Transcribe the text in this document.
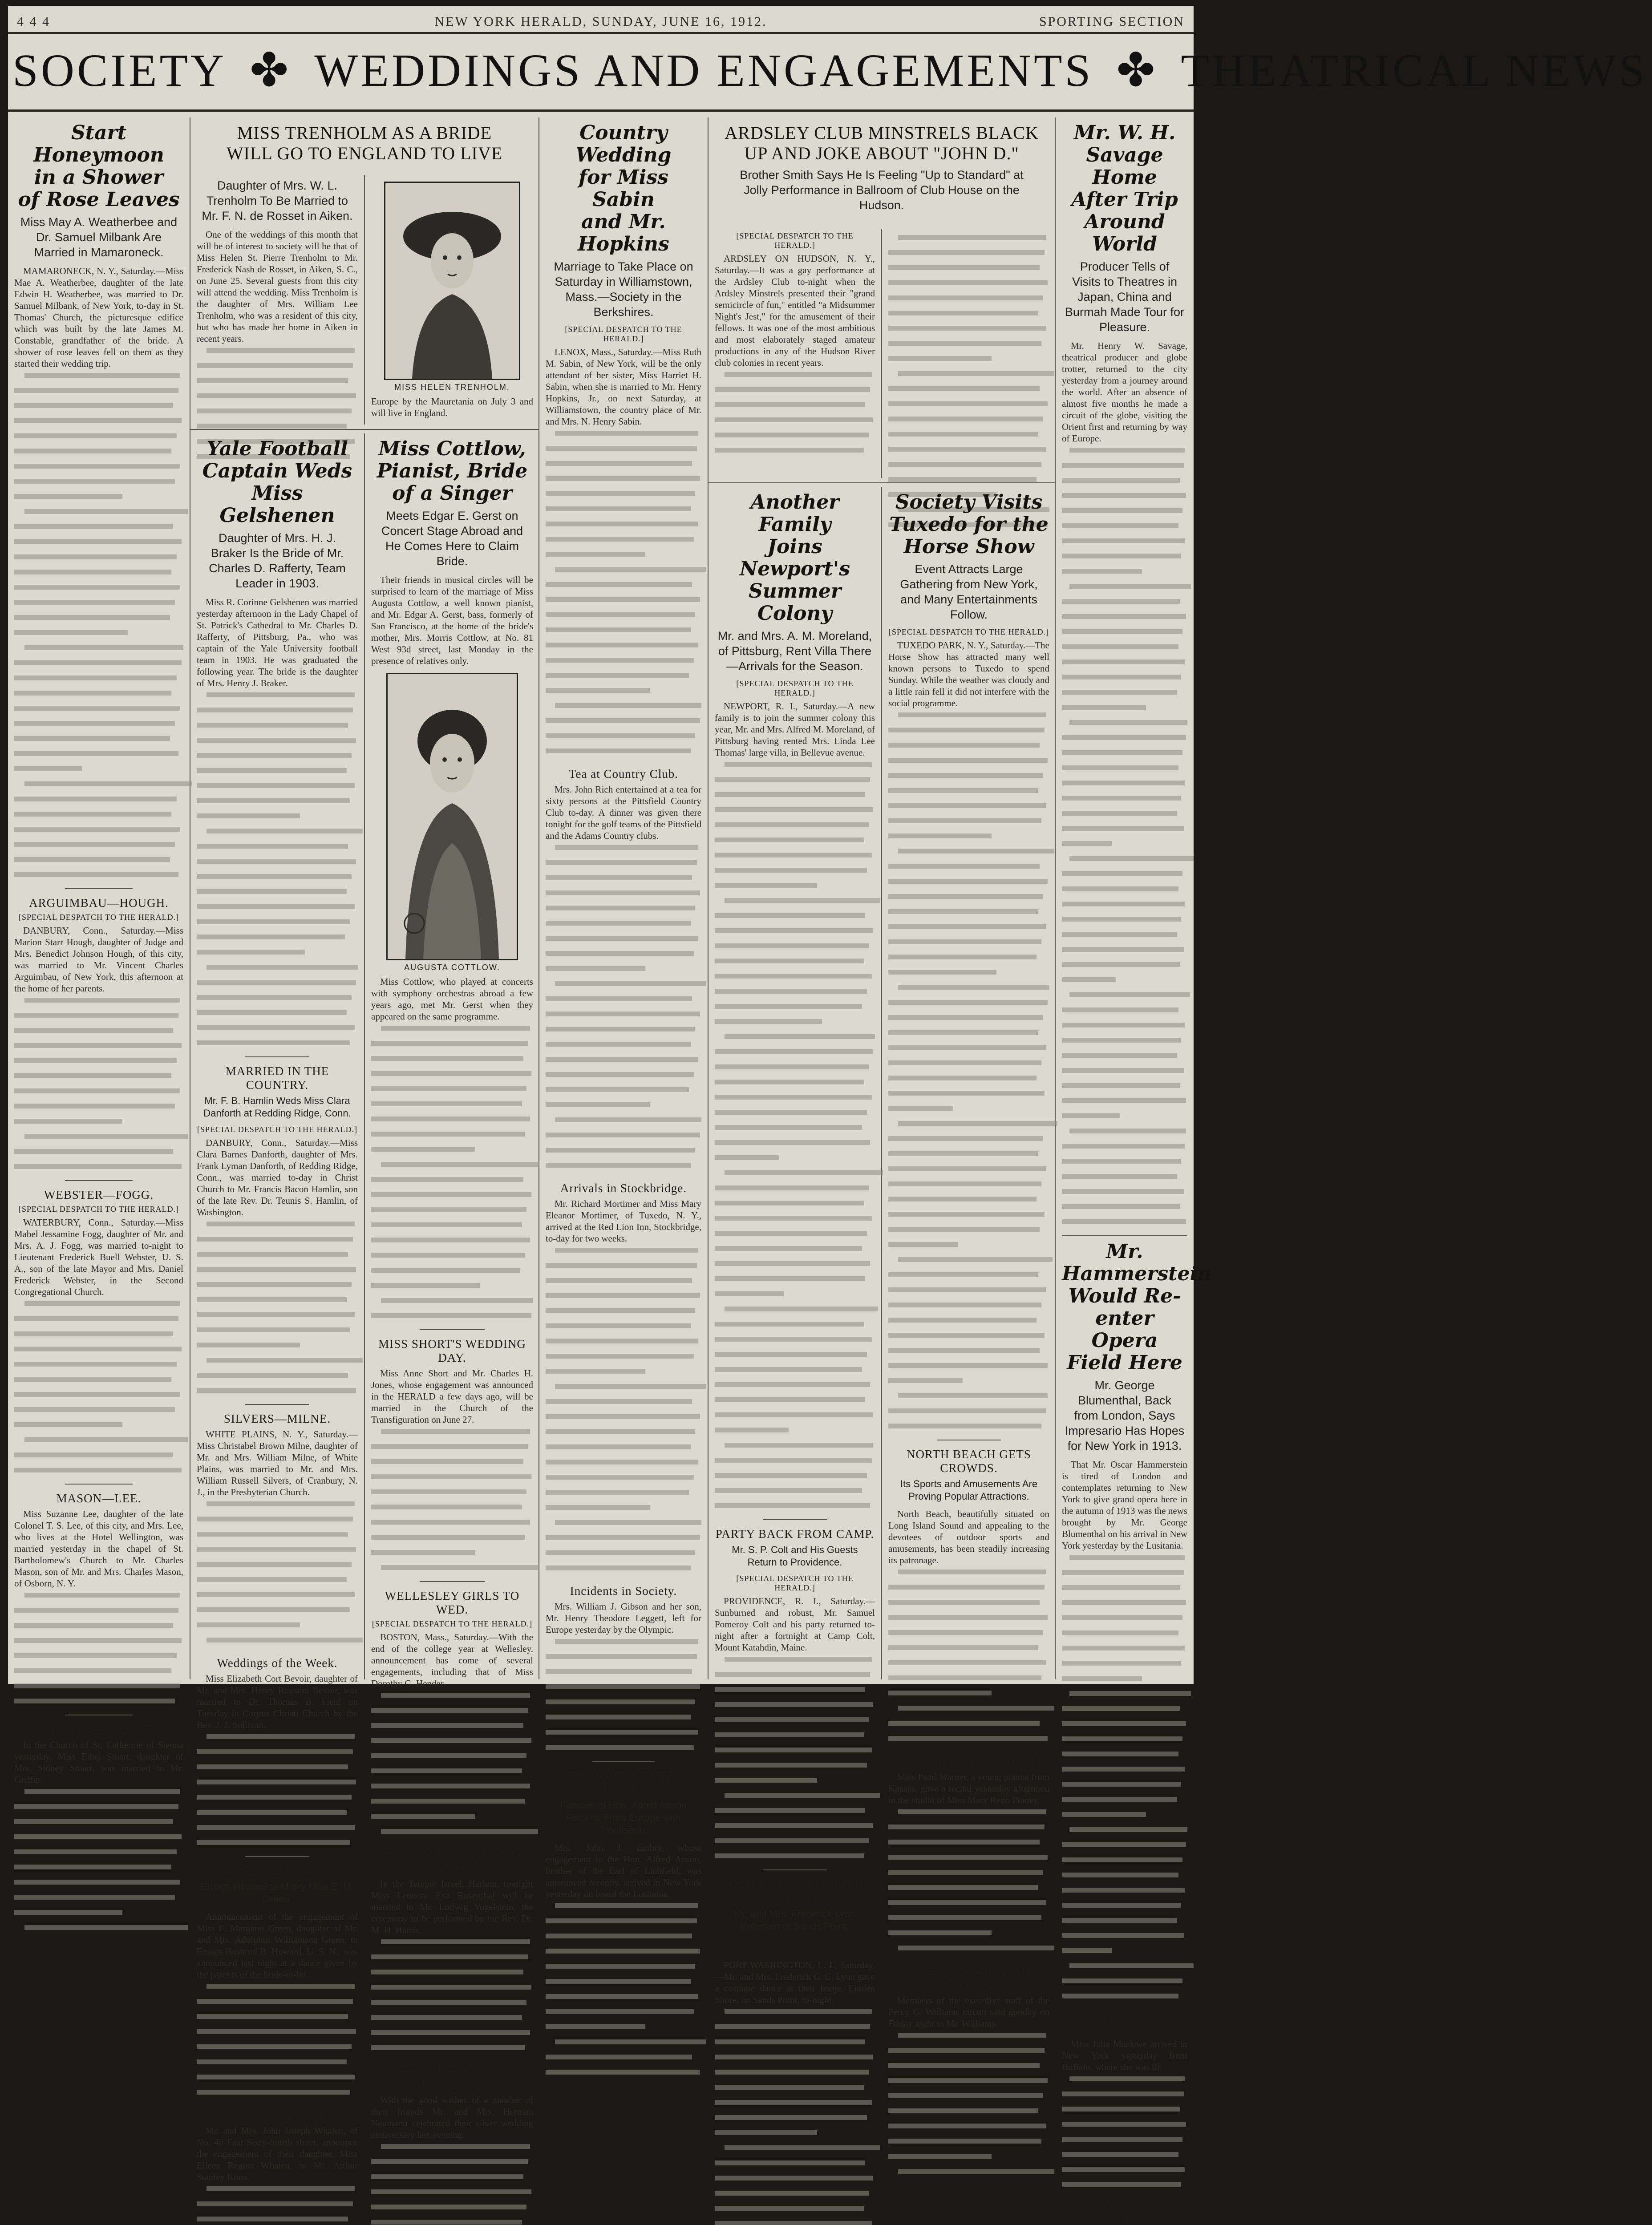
4 4 4	NEW YORK HERALD, SUNDAY, JUNE 16, 1912.	SPORTING SECTION
SOCIETY ✤ WEDDINGS AND ENGAGEMENTS ✤ THEATRICAL NEWS
Start Honeymoon
in a Shower
of Rose Leaves
Miss May A. Weatherbee and Dr. Samuel Milbank Are Married in Mamaroneck.
MAMARONECK, N. Y., Saturday.—Miss Mae A. Weatherbee, daughter of the late Edwin H. Weatherbee, was married to Dr. Samuel Milbank, of New York, to-day in St. Thomas' Church, the picturesque edifice which was built by the late James M. Constable, grandfather of the bride. A shower of rose leaves fell on them as they started their wedding trip.
ARGUIMBAU—HOUGH.
[SPECIAL DESPATCH TO THE HERALD.]
DANBURY, Conn., Saturday.—Miss Marion Starr Hough, daughter of Judge and Mrs. Benedict Johnson Hough, of this city, was married to Mr. Vincent Charles Arguimbau, of New York, this afternoon at the home of her parents.
WEBSTER—FOGG.
[SPECIAL DESPATCH TO THE HERALD.]
WATERBURY, Conn., Saturday.—Miss Mabel Jessamine Fogg, daughter of Mr. and Mrs. A. J. Fogg, was married to-night to Lieutenant Frederick Buell Webster, U. S. A., son of the late Mayor and Mrs. Daniel Frederick Webster, in the Second Congregational Church.
MASON—LEE.
Miss Suzanne Lee, daughter of the late Colonel T. S. Lee, of this city, and Mrs. Lee, who lives at the Hotel Wellington, was married yesterday in the chapel of St. Bartholomew's Church to Mr. Charles Mason, son of Mr. and Mrs. Charles Mason, of Osborn, N. Y.
GRIFFIN—STUART.
In the Church of St. Catherine of Sienna yesterday, Miss Ethel Stuart, daughter of Mrs. Sidney Stuart, was married to Mr. Griffin.
MISS TRENHOLM AS A BRIDE
WILL GO TO ENGLAND TO LIVE
Daughter of Mrs. W. L. Trenholm To Be Married to Mr. F. N. de Rosset in Aiken.
One of the weddings of this month that will be of interest to society will be that of Miss Helen St. Pierre Trenholm to Mr. Frederick Nash de Rosset, in Aiken, S. C., on June 25. Several guests from this city will attend the wedding. Miss Trenholm is the daughter of Mrs. William Lee Trenholm, who was a resident of this city, but who has made her home in Aiken in recent years.
MISS HELEN TRENHOLM.
Europe by the Mauretania on July 3 and will live in England.
Yale Football
Captain Weds
Miss Gelshenen
Daughter of Mrs. H. J. Braker Is the Bride of Mr. Charles D. Rafferty, Team Leader in 1903.
Miss R. Corinne Gelshenen was married yesterday afternoon in the Lady Chapel of St. Patrick's Cathedral to Mr. Charles D. Rafferty, of Pittsburg, Pa., who was captain of the Yale University football team in 1903. He was graduated the following year. The bride is the daughter of Mrs. Henry J. Braker.
MARRIED IN THE COUNTRY.
Mr. F. B. Hamlin Weds Miss Clara Danforth at Redding Ridge, Conn.
[SPECIAL DESPATCH TO THE HERALD.]
DANBURY, Conn., Saturday.—Miss Clara Barnes Danforth, daughter of Mrs. Frank Lyman Danforth, of Redding Ridge, Conn., was married to-day in Christ Church to Mr. Francis Bacon Hamlin, son of the late Rev. Dr. Teunis S. Hamlin, of Washington.
SILVERS—MILNE.
WHITE PLAINS, N. Y., Saturday.—Miss Christabel Brown Milne, daughter of Mr. and Mrs. William Milne, of White Plains, was married to Mr. and Mrs. William Russell Silvers, of Cranbury, N. J., in the Presbyterian Church.
Weddings of the Week.
Miss Elizabeth Cort Bevoir, daughter of Mr. and Mrs. Henry Royston Bevoir, was married to Dr. Thomas B. Field on Tuesday in Corpus Christi Church by the Rev. J. J. Sullivan.
ADMIRAL'S SON TO WED.
Ensign Howard to Marry Miss E. M. Green.
Announcement of the engagement of Miss E. Margaret Green, daughter of Mr. and Mrs. Adolphus Williamson Green, to Ensign Bushrod B. Howard, U. S. N., was announced last night at a dance given by the parents of the bride-to-be.
Engagements Announced.
Mr. and Mrs. John Joseph Whalen, of No. 48 East Sixty-fourth street, announce the engagement of their daughter, Miss Eileen Regina Whalen, to Mr. Arthur Stanley Knox.
Miss Cottlow,
Pianist, Bride
of a Singer
Meets Edgar E. Gerst on Concert Stage Abroad and He Comes Here to Claim Bride.
Their friends in musical circles will be surprised to learn of the marriage of Miss Augusta Cottlow, a well known pianist, and Mr. Edgar A. Gerst, bass, formerly of San Francisco, at the home of the bride's mother, Mrs. Morris Cottlow, at No. 81 West 93d street, last Monday in the presence of relatives only.
AUGUSTA COTTLOW.
Miss Cottlow, who played at concerts with symphony orchestras abroad a few years ago, met Mr. Gerst when they appeared on the same programme.
MISS SHORT'S WEDDING DAY.
Miss Anne Short and Mr. Charles H. Jones, whose engagement was announced in the HERALD a few days ago, will be married in the Church of the Transfiguration on June 27.
WELLESLEY GIRLS TO WED.
[SPECIAL DESPATCH TO THE HERALD.]
BOSTON, Mass., Saturday.—With the end of the college year at Wellesley, announcement has come of several engagements, including that of Miss Dorothy G. Hender.
To Wed Miss Rosenthal To-Night.
In the Temple Israel, Harlem, to-night Miss Leonora Eva Rosenthal will be married to Mr. Ludwig Vogelstein, the ceremony to be performed by the Rev. Dr. M. H. Harris.
Keep Silver Wedding Anniversary.
With the good wishes of a number of their friends Mr. and Mrs. Herman Neumann celebrated their silver wedding anniversary last evening.
Country Wedding
for Miss Sabin
and Mr. Hopkins
Marriage to Take Place on Saturday in Williamstown, Mass.—Society in the Berkshires.
[SPECIAL DESPATCH TO THE HERALD.]
LENOX, Mass., Saturday.—Miss Ruth M. Sabin, of New York, will be the only attendant of her sister, Miss Harriet H. Sabin, when she is married to Mr. Henry Hopkins, Jr., on next Saturday, at Williamstown, the country place of Mr. and Mrs. N. Henry Sabin.
Tea at Country Club.
Mrs. John Rich entertained at a tea for sixty persons at the Pittsfield Country Club to-day. A dinner was given there tonight for the golf teams of the Pittsfield and the Adams Country clubs.
Arrivals in Stockbridge.
Mr. Richard Mortimer and Miss Mary Eleanor Mortimer, of Tuxedo, N. Y., arrived at the Red Lion Inn, Stockbridge, to-day for two weeks.
Incidents in Society.
Mrs. William J. Gibson and her son, Mr. Henry Theodore Leggett, left for Europe yesterday by the Olympic.
MRS. JOHN J. EMBRY HOME.
Fiancee of Hon. Alfred Anson Returns From Europe with Trousseau.
Mrs. John J. Embry, whose engagement to the Hon. Alfred Anson, brother of the Earl of Lichfield, was announced recently, arrived in New York yesterday on board the Lusitania.
ARDSLEY CLUB MINSTRELS BLACK
UP AND JOKE ABOUT "JOHN D."
Brother Smith Says He Is Feeling "Up to Standard" at Jolly Performance in Ballroom of Club House on the Hudson.
[SPECIAL DESPATCH TO THE HERALD.]
ARDSLEY ON HUDSON, N. Y., Saturday.—It was a gay performance at the Ardsley Club to-night when the Ardsley Minstrels presented their "grand semicircle of fun," entitled "a Midsummer Night's Jest," for the amusement of their fellows. It was one of the most ambitious and most elaborately staged amateur productions in any of the Hudson River club colonies in recent years.
Another Family
Joins Newport's
Summer Colony
Mr. and Mrs. A. M. Moreland, of Pittsburg, Rent Villa There—Arrivals for the Season.
[SPECIAL DESPATCH TO THE HERALD.]
NEWPORT, R. I., Saturday.—A new family is to join the summer colony this year, Mr. and Mrs. Alfred M. Moreland, of Pittsburg having rented Mrs. Linda Lee Thomas' large villa, in Bellevue avenue.
PARTY BACK FROM CAMP.
Mr. S. P. Colt and His Guests Return to Providence.
[SPECIAL DESPATCH TO THE HERALD.]
PROVIDENCE, R. I., Saturday.—Sunburned and robust, Mr. Samuel Pomeroy Colt and his party returned to-night after a fortnight at Camp Colt, Mount Katahdin, Maine.
SOCIETY HAS COSTUME DANCE.
Mr. and Mrs. Frederick Lyon Entertain at Sands Point.
[SPECIAL DESPATCH TO THE HERALD.]
PORT WASHINGTON, L. I., Saturday.—Mr. and Mrs. Frederick G. C. Lyon gave a costume dance at their home, Linden Shore, on Sands Point, to-night.
Society Visits
Tuxedo for the
Horse Show
Event Attracts Large Gathering from New York, and Many Entertainments Follow.
[SPECIAL DESPATCH TO THE HERALD.]
TUXEDO PARK, N. Y., Saturday.—The Horse Show has attracted many well known persons to Tuxedo to spend Sunday. While the weather was cloudy and a little rain fell it did not interfere with the social programme.
NORTH BEACH GETS CROWDS.
Its Sports and Amusements Are Proving Popular Attractions.
North Beach, beautifully situated on Long Island Sound and appealing to the devotees of outdoor sports and amusements, has been steadily increasing its patronage.
Miss Warner's Piano Recital.
Miss Pearl Warner, a young pianist from Kansas, gave a recital yesterday afternoon in the studio of Miss Mary Reno Pinney.
Stat Says Goodby to Mr. Williams.
Members of the executive staff of the Percy G. Williams circuit said goodby on Friday night to Mr. Williams.
Mr. W. H. Savage
Home After Trip
Around World
Producer Tells of Visits to Theatres in Japan, China and Burmah Made Tour for Pleasure.
Mr. Henry W. Savage, theatrical producer and globe trotter, returned to the city yesterday from a journey around the world. After an absence of almost five months he made a circuit of the globe, visiting the Orient first and returning by way of Europe.
Mr. Hammerstein
Would Re-enter
Opera Field Here
Mr. George Blumenthal, Back from London, Says Impresario Has Hopes for New York in 1913.
That Mr. Oscar Hammerstein is tired of London and contemplates returning to New York to give grand opera here in the autumn of 1913 was the news brought by Mr. George Blumenthal on his arrival in New York yesterday by the Lusitania.
Miss Marlowe Better; Going Abroad.
Miss Julia Marlowe arrived in New York yesterday from Buffalo, where she was ill.
Friars Auction "Seat" at Midnight.
